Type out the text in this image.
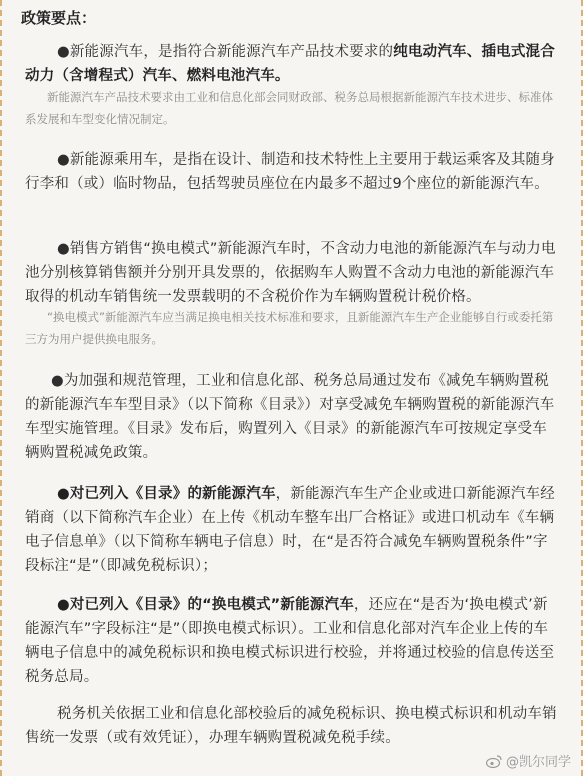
政策要点：
●新能源汽车，是指符合新能源汽车产品技术要求的纯电动汽车、插电式混合动力（含增程式）汽车、燃料电池汽车。
新能源汽车产品技术要求由工业和信息化部会同财政部、税务总局根据新能源汽车技术进步、标准体系发展和车型变化情况制定。
●新能源乘用车，是指在设计、制造和技术特性上主要用于载运乘客及其随身行李和（或）临时物品，包括驾驶员座位在内最多不超过9个座位的新能源汽车。
●销售方销售“换电模式”新能源汽车时，不含动力电池的新能源汽车与动力电池分别核算销售额并分别开具发票的，依据购车人购置不含动力电池的新能源汽车取得的机动车销售统一发票载明的不含税价作为车辆购置税计税价格。
“换电模式”新能源汽车应当满足换电相关技术标准和要求，且新能源汽车生产企业能够自行或委托第三方为用户提供换电服务。
●为加强和规范管理，工业和信息化部、税务总局通过发布《减免车辆购置税的新能源汽车车型目录》（以下简称《目录》）对享受减免车辆购置税的新能源汽车车型实施管理。《目录》发布后，购置列入《目录》的新能源汽车可按规定享受车辆购置税减免政策。
●对已列入《目录》的新能源汽车，新能源汽车生产企业或进口新能源汽车经销商（以下简称汽车企业）在上传《机动车整车出厂合格证》或进口机动车《车辆电子信息单》（以下简称车辆电子信息）时，在“是否符合减免车辆购置税条件”字段标注“是”（即减免税标识）；
●对已列入《目录》的“换电模式”新能源汽车，还应在“是否为‘换电模式’新能源汽车”字段标注“是”（即换电模式标识）。工业和信息化部对汽车企业上传的车辆电子信息中的减免税标识和换电模式标识进行校验，并将通过校验的信息传送至税务总局。
税务机关依据工业和信息化部校验后的减免税标识、换电模式标识和机动车销售统一发票（或有效凭证），办理车辆购置税减免税手续。
@凯尔同学
